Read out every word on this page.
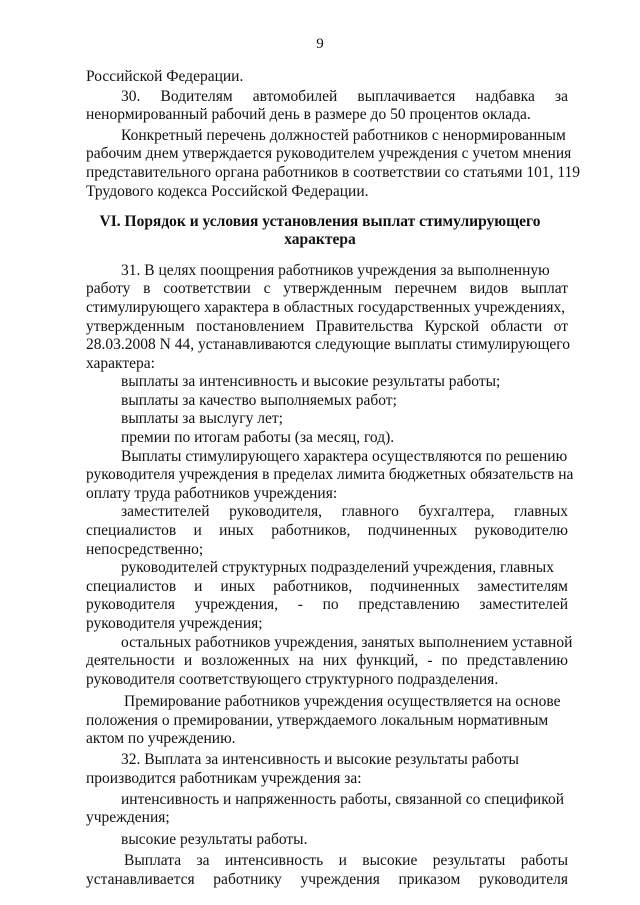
9
Российской Федерации.
30. Водителям автомобилей выплачивается надбавка за
ненормированный рабочий день в размере до 50 процентов оклада.
Конкретный перечень должностей работников с ненормированным
рабочим днем утверждается руководителем учреждения с учетом мнения
представительного органа работников в соответствии со статьями 101, 119
Трудового кодекса Российской Федерации.
VI. Порядок и условия установления выплат стимулирующего
характера
31. В целях поощрения работников учреждения за выполненную
работу в соответствии с утвержденным перечнем видов выплат
стимулирующего характера в областных государственных учреждениях,
утвержденным постановлением Правительства Курской области от
28.03.2008 N 44, устанавливаются следующие выплаты стимулирующего
характера:
выплаты за интенсивность и высокие результаты работы;
выплаты за качество выполняемых работ;
выплаты за выслугу лет;
премии по итогам работы (за месяц, год).
Выплаты стимулирующего характера осуществляются по решению
руководителя учреждения в пределах лимита бюджетных обязательств на
оплату труда работников учреждения:
заместителей руководителя, главного бухгалтера, главных
специалистов и иных работников, подчиненных руководителю
непосредственно;
руководителей структурных подразделений учреждения, главных
специалистов и иных работников, подчиненных заместителям
руководителя учреждения, - по представлению заместителей
руководителя учреждения;
остальных работников учреждения, занятых выполнением уставной
деятельности и возложенных на них функций, - по представлению
руководителя соответствующего структурного подразделения.
Премирование работников учреждения осуществляется на основе
положения о премировании, утверждаемого локальным нормативным
актом по учреждению.
32. Выплата за интенсивность и высокие результаты работы
производится работникам учреждения за:
интенсивность и напряженность работы, связанной со спецификой
учреждения;
высокие результаты работы.
Выплата за интенсивность и высокие результаты работы
устанавливается работнику учреждения приказом руководителя
